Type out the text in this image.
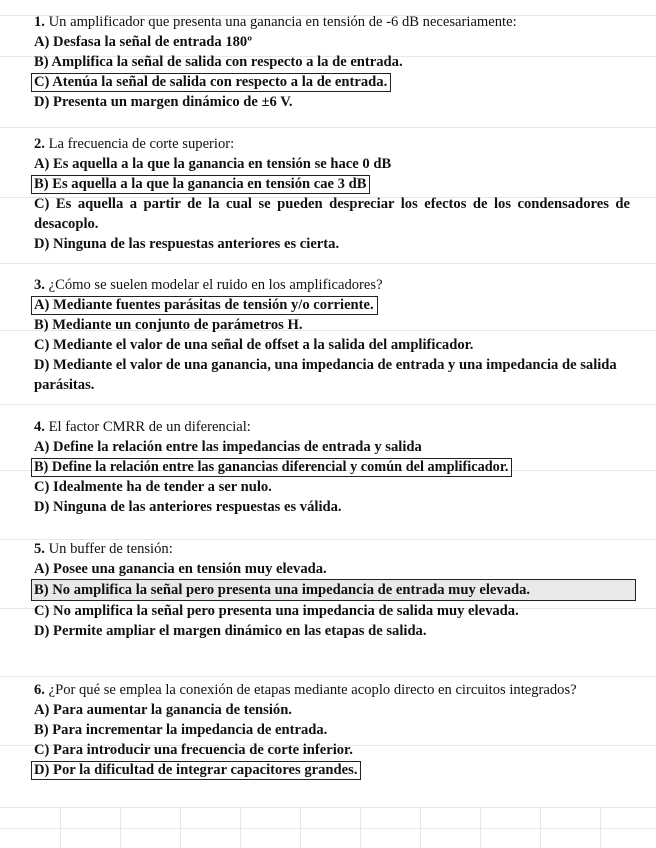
1. Un amplificador que presenta una ganancia en tensión de -6 dB necesariamente:
A) Desfasa la señal de entrada 180º
B) Amplifica la señal de salida con respecto a la de entrada.
C) Atenúa la señal de salida con respecto a la de entrada.
D) Presenta un margen dinámico de ±6 V.
2. La frecuencia de corte superior:
A) Es aquella a la que la ganancia en tensión se hace 0 dB
B) Es aquella a la que la ganancia en tensión cae 3 dB
C) Es aquella a partir de la cual se pueden despreciar los efectos de los condensadores de desacoplo.
D) Ninguna de las respuestas anteriores es cierta.
3. ¿Cómo se suelen modelar el ruido en los amplificadores?
A) Mediante fuentes parásitas de tensión y/o corriente.
B) Mediante un conjunto de parámetros H.
C) Mediante el valor de una señal de offset a la salida del amplificador.
D) Mediante el valor de una ganancia, una impedancia de entrada y una impedancia de salida parásitas.
4. El factor CMRR de un diferencial:
A) Define la relación entre las impedancias de entrada y salida
B) Define la relación entre las ganancias diferencial y común del amplificador.
C) Idealmente ha de tender a ser nulo.
D) Ninguna de las anteriores respuestas es válida.
5. Un buffer de tensión:
A) Posee una ganancia en tensión muy elevada.
B) No amplifica la señal pero presenta una impedancia de entrada muy elevada.
C) No amplifica la señal pero presenta una impedancia de salida muy elevada.
D) Permite ampliar el margen dinámico en las etapas de salida.
6. ¿Por qué se emplea la conexión de etapas mediante acoplo directo en circuitos integrados?
A) Para aumentar la ganancia de tensión.
B) Para incrementar la impedancia de entrada.
C) Para introducir una frecuencia de corte inferior.
D) Por la dificultad de integrar capacitores grandes.
